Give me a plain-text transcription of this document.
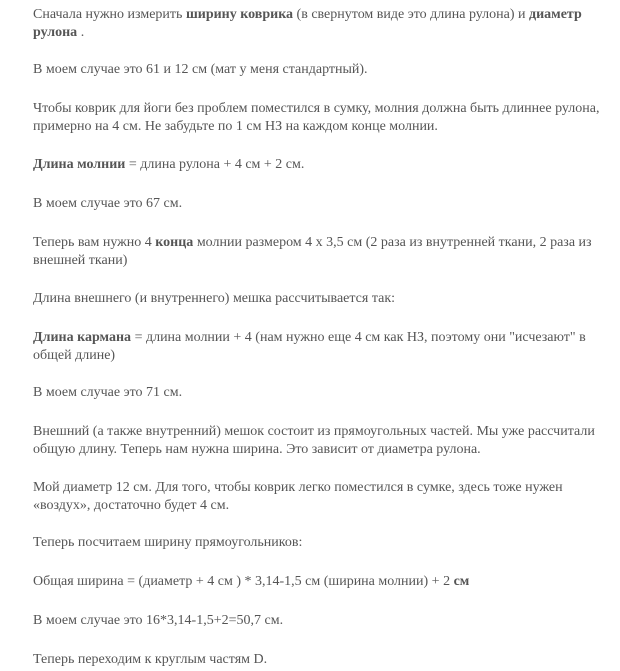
Сначала нужно измерить ширину коврика (в свернутом виде это длина рулона) и диаметр
рулона .

В моем случае это 61 и 12 см (мат у меня стандартный).

Чтобы коврик для йоги без проблем поместился в сумку, молния должна быть длиннее рулона,
примерно на 4 см. Не забудьте по 1 см НЗ на каждом конце молнии.

Длина молнии = длина рулона + 4 см + 2 см.

В моем случае это 67 см.

Теперь вам нужно 4 конца молнии размером 4 х 3,5 см (2 раза из внутренней ткани, 2 раза из
внешней ткани)

Длина внешнего (и внутреннего) мешка рассчитывается так:

Длина кармана = длина молнии + 4 (нам нужно еще 4 см как НЗ, поэтому они "исчезают" в
общей длине)

В моем случае это 71 см.

Внешний (а также внутренний) мешок состоит из прямоугольных частей. Мы уже рассчитали
общую длину. Теперь нам нужна ширина. Это зависит от диаметра рулона.

Мой диаметр 12 см. Для того, чтобы коврик легко поместился в сумке, здесь тоже нужен
«воздух», достаточно будет 4 см.

Теперь посчитаем ширину прямоугольников:

Общая ширина = (диаметр + 4 см ) * 3,14-1,5 см (ширина молнии) + 2 см

В моем случае это 16*3,14-1,5+2=50,7 см.

Теперь переходим к круглым частям D.
